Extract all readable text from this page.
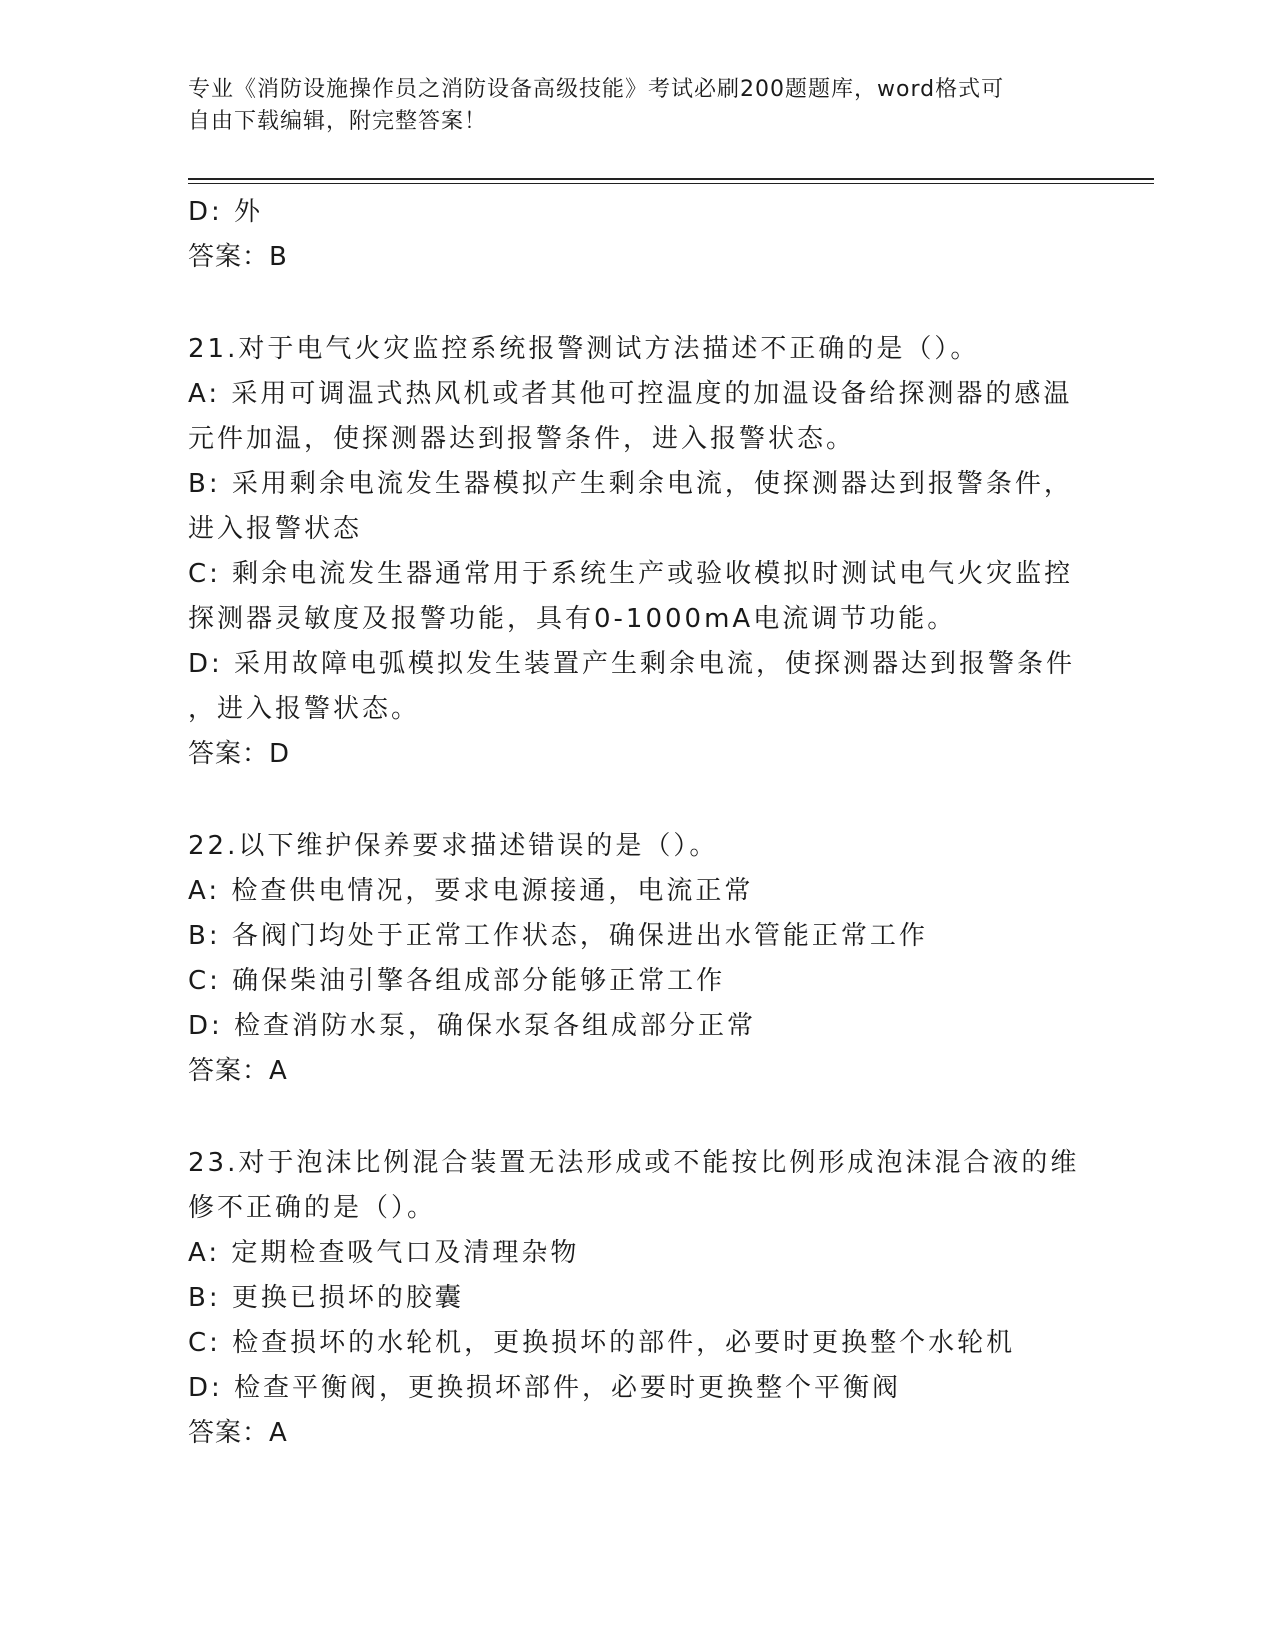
专业《消防设施操作员之消防设备高级技能》考试必刷200题题库，word格式可
自由下载编辑，附完整答案！
D: 外
答案：B
21.对于电气火灾监控系统报警测试方法描述不正确的是（）。
A: 采用可调温式热风机或者其他可控温度的加温设备给探测器的感温
元件加温，使探测器达到报警条件，进入报警状态。
B: 采用剩余电流发生器模拟产生剩余电流，使探测器达到报警条件，
进入报警状态
C: 剩余电流发生器通常用于系统生产或验收模拟时测试电气火灾监控
探测器灵敏度及报警功能，具有0-1000mA电流调节功能。
D: 采用故障电弧模拟发生装置产生剩余电流，使探测器达到报警条件
，进入报警状态。
答案：D
22.以下维护保养要求描述错误的是（）。
A: 检查供电情况，要求电源接通，电流正常
B: 各阀门均处于正常工作状态，确保进出水管能正常工作
C: 确保柴油引擎各组成部分能够正常工作
D: 检查消防水泵，确保水泵各组成部分正常
答案：A
23.对于泡沫比例混合装置无法形成或不能按比例形成泡沫混合液的维
修不正确的是（）。
A: 定期检查吸气口及清理杂物
B: 更换已损坏的胶囊
C: 检查损坏的水轮机，更换损坏的部件，必要时更换整个水轮机
D: 检查平衡阀，更换损坏部件，必要时更换整个平衡阀
答案：A
